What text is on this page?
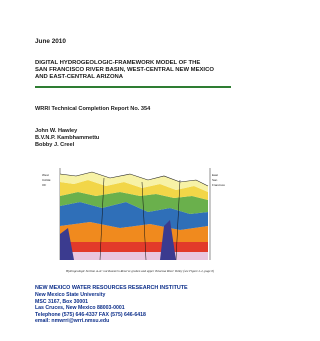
June 2010
DIGITAL HYDROGEOLOGIC-FRAMEWORK MODEL OF THE
SAN FRANCISCO RIVER BASIN, WEST-CENTRAL NEW MEXICO
AND EAST-CENTRAL ARIZONA
WRRI Technical Completion Report No. 354
John W. Hawley
B.V.N.P. Kambhammettu
Bobby J. Creel
West
CAGE
OF
East
San
Francisco
Hydrogeologic Section A-A': northeastern Reserve graben and upper Tularosa River Valley (see Figure 2-2, page 6)
NEW MEXICO WATER RESOURCES RESEARCH INSTITUTE
New Mexico State University
MSC 3167, Box 30001
Las Cruces, New Mexico 88003-0001
Telephone (575) 646-4337 FAX (575) 646-6418
email: nmwrri@wrri.nmsu.edu
